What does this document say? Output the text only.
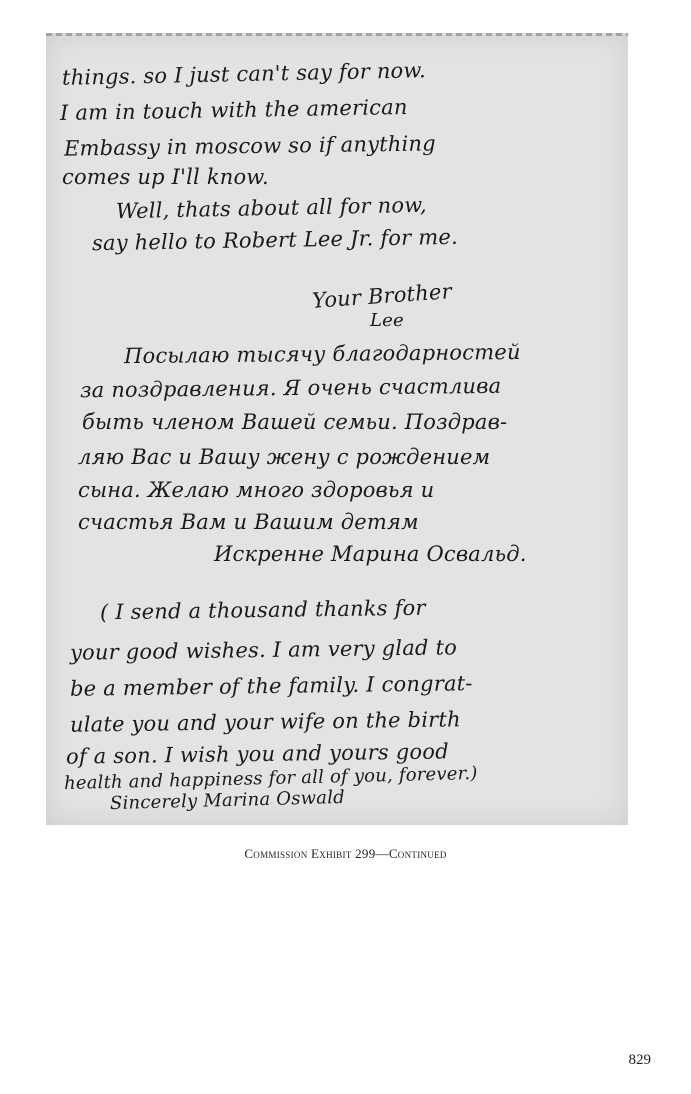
things. so I just can't say for now.
I am in touch with the american
Embassy in moscow so if anything
comes up I'll know.
Well, thats about all for now,
say hello to Robert Lee Jr. for me.
Your Brother
Lee
Посылаю тысячу благодарностей
за поздравления. Я очень счастлива
быть членом Вашей семьи. Поздрав-
ляю Вас и Вашу жену с рождением
сына. Желаю много здоровья и
счастья Вам и Вашим детям
Искренне Марина Освальд.
( I send a thousand thanks for
your good wishes. I am very glad to
be a member of the family. I congrat-
ulate you and your wife on the birth
of a son. I wish you and yours good
health and happiness for all of you, forever.)
Sincerely Marina Oswald
Commission Exhibit 299—Continued
829
